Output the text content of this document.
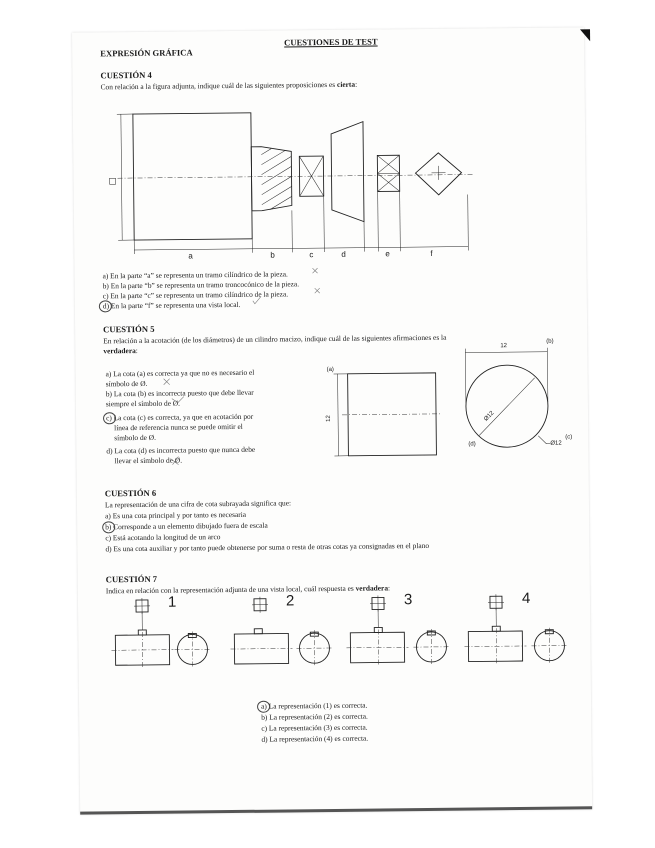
EXPRESIÓN GRÁFICA
CUESTIONES DE TEST
CUESTIÓN 4
Con relación a la figura adjunta, indique cuál de las siguientes proposiciones es cierta:
a	b	c	d	e	f
a) En la parte “a” se representa un tramo cilíndrico de la pieza.
b) En la parte “b” se representa un tramo troncocónico de la pieza.
c) En la parte “c” se representa un tramo cilíndrico de la pieza.
d) En la parte “f” se representa una vista local.
CUESTIÓN 5
En relación a la acotación (de los diámetros) de un cilindro macizo, indique cuál de las siguientes afirmaciones es la
verdadera:
a) La cota (a) es correcta ya que no es necesario el
símbolo de Ø.
b) La cota (b) es incorrecta puesto que debe llevar
siempre el símbolo de Ø.
c) La cota (c) es correcta, ya que en acotación por
línea de referencia nunca se puede omitir el
símbolo de Ø.
d) La cota (d) es incorrecta puesto que nunca debe
llevar el símbolo de Ø.
(a)
(b)
12
12	Ø12
(d)	Ø12
(c)
CUESTIÓN 6
La representación de una cifra de cota subrayada significa que:
a) Es una cota principal y por tanto es necesaria
b) Corresponde a un elemento dibujado fuera de escala
c) Está acotando la longitud de un arco
d) Es una cota auxiliar y por tanto puede obtenerse por suma o resta de otras cotas ya consignadas en el plano
CUESTIÓN 7
Indica en relación con la representación adjunta de una vista local, cuál respuesta es verdadera:
1	2	3	4
a) La representación (1) es correcta.
b) La representación (2) es correcta.
c) La representación (3) es correcta.
d) La representación (4) es correcta.
